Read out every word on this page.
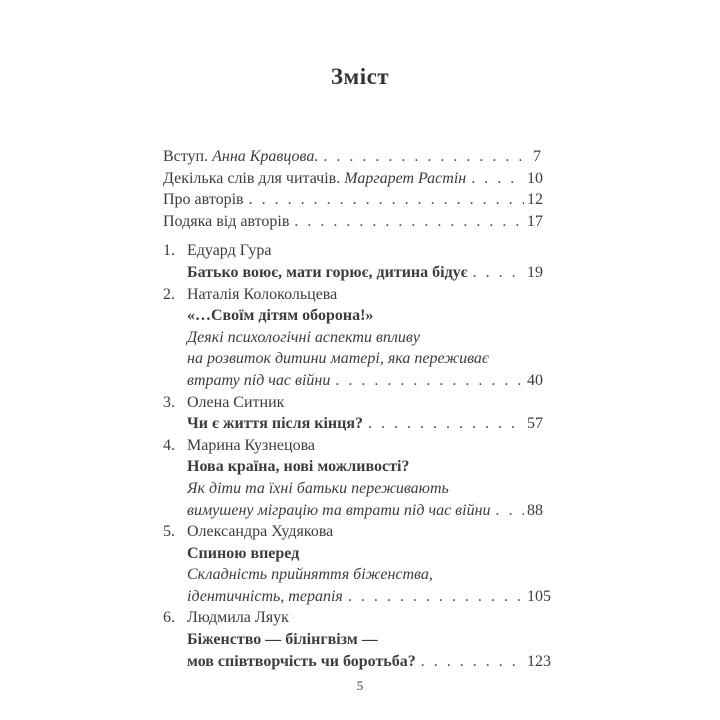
Зміст
Вступ. Анна Кравцова. . . .	7
Декілька слів для читачів. Маргарет Растін . . .	10
Про авторів . . .	12
Подяка від авторів . . .	17
1. Едуард Гура
Батько воює, мати горює, дитина бідує . . .	19
2. Наталія Колокольцева
«…Своїм дітям оборона!»
Деякі психологічні аспекти впливу
на розвиток дитини матері, яка переживає
втрату під час війни . . .	40
3. Олена Ситник
Чи є життя після кінця? . . .	57
4. Марина Кузнецова
Нова країна, нові можливості?
Як діти та їхні батьки переживають
вимушену міграцію та втрати під час війни . . . 88
5. Олександра Худякова
Спиною вперед
Складність прийняття біженства,
ідентичність, терапія . . .	105
6. Людмила Ляук
Біженство — білінгвізм —
мов співтворчість чи боротьба? . . .	123
5
